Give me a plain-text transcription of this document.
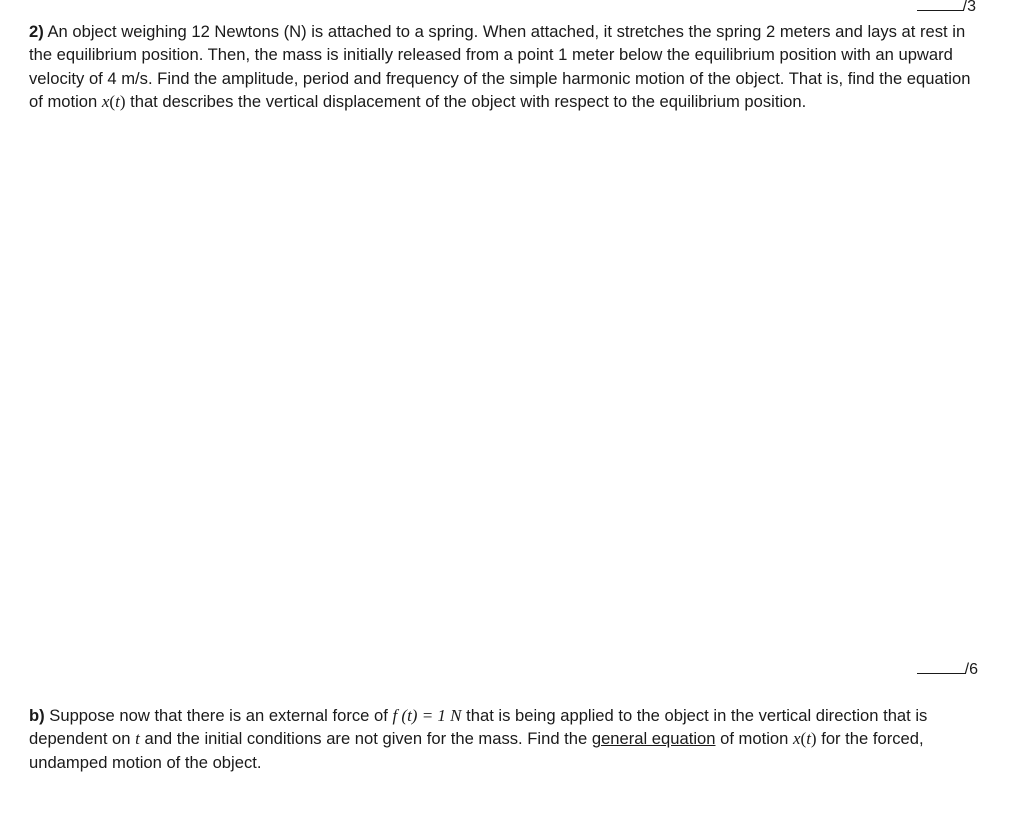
/3
2) An object weighing 12 Newtons (N) is attached to a spring. When attached, it stretches the spring 2 meters and lays at rest in the equilibrium position. Then, the mass is initially released from a point 1 meter below the equilibrium position with an upward velocity of 4 m/s. Find the amplitude, period and frequency of the simple harmonic motion of the object. That is, find the equation of motion x(t) that describes the vertical displacement of the object with respect to the equilibrium position.
/6
b) Suppose now that there is an external force of f (t) = 1 N that is being applied to the object in the vertical direction that is dependent on t and the initial conditions are not given for the mass. Find the general equation of motion x(t) for the forced, undamped motion of the object.
